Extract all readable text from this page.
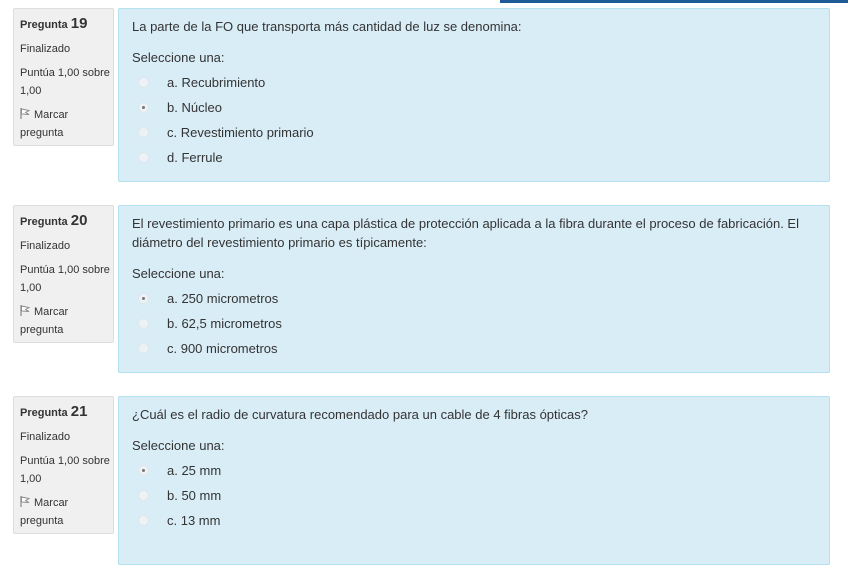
Pregunta 19
Finalizado
Puntúa 1,00 sobre 1,00
Marcar pregunta
La parte de la FO que transporta más cantidad de luz se denomina:
Seleccione una:
a. Recubrimiento
b. Núcleo
c. Revestimiento primario
d. Ferrule
Pregunta 20
Finalizado
Puntúa 1,00 sobre 1,00
Marcar pregunta
El revestimiento primario es una capa plástica de protección aplicada a la fibra durante el proceso de fabricación. El diámetro del revestimiento primario es típicamente:
Seleccione una:
a. 250 micrometros
b. 62,5 micrometros
c. 900 micrometros
Pregunta 21
Finalizado
Puntúa 1,00 sobre 1,00
Marcar pregunta
¿Cuál es el radio de curvatura recomendado para un cable de 4 fibras ópticas?
Seleccione una:
a. 25 mm
b. 50 mm
c. 13 mm
